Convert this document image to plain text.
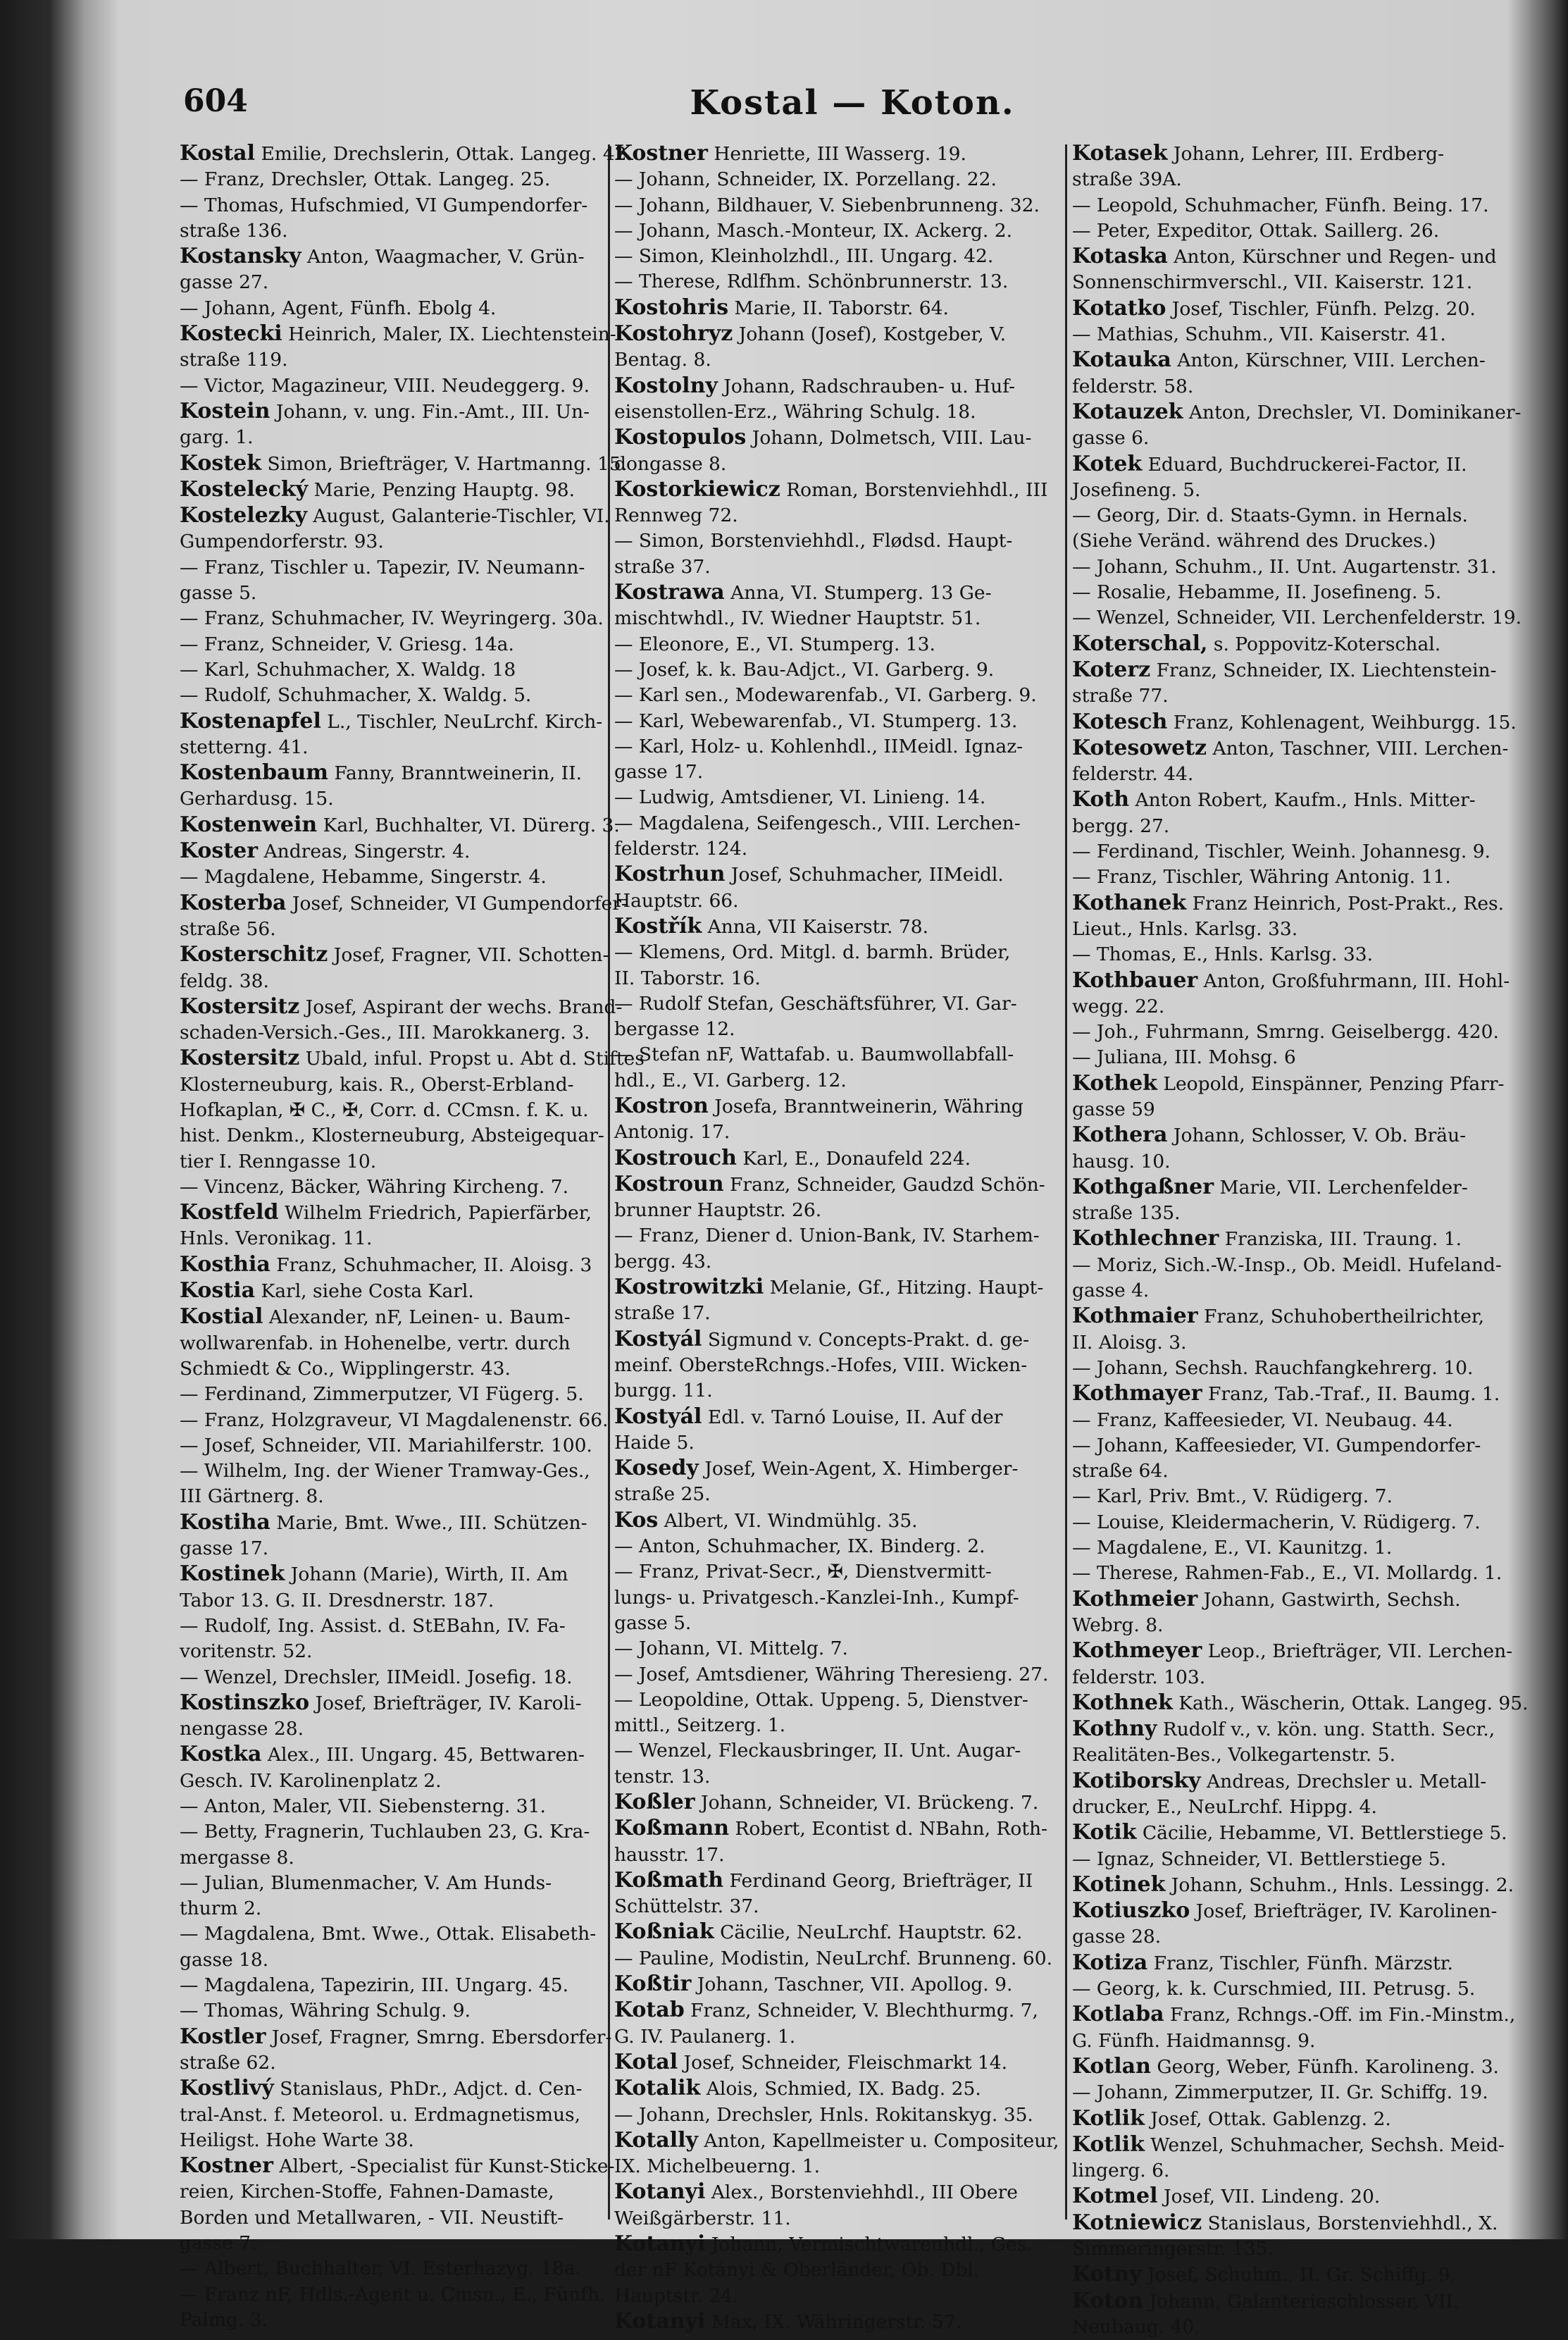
604	Kostal — Koton.
Kostal Emilie, Drechslerin, Ottak. Langeg. 42.
— Franz, Drechsler, Ottak. Langeg. 25.
— Thomas, Hufschmied, VI Gumpendorfer-
straße 136.
Kostansky Anton, Waagmacher, V. Grün-
gasse 27.
— Johann, Agent, Fünfh. Ebolg 4.
Kostecki Heinrich, Maler, IX. Liechtenstein-
straße 119.
— Victor, Magazineur, VIII. Neudeggerg. 9.
Kostein Johann, v. ung. Fin.-Amt., III. Un-
garg. 1.
Kostek Simon, Briefträger, V. Hartmanng. 15.
Kostelecký Marie, Penzing Hauptg. 98.
Kostelezky August, Galanterie-Tischler, VI.
Gumpendorferstr. 93.
— Franz, Tischler u. Tapezir, IV. Neumann-
gasse 5.
— Franz, Schuhmacher, IV. Weyringerg. 30a.
— Franz, Schneider, V. Griesg. 14a.
— Karl, Schuhmacher, X. Waldg. 18
— Rudolf, Schuhmacher, X. Waldg. 5.
Kostenapfel L., Tischler, NeuLrchf. Kirch-
stetterng. 41.
Kostenbaum Fanny, Branntweinerin, II.
Gerhardusg. 15.
Kostenwein Karl, Buchhalter, VI. Dürerg. 3.
Koster Andreas, Singerstr. 4.
— Magdalene, Hebamme, Singerstr. 4.
Kosterba Josef, Schneider, VI Gumpendorfer-
straße 56.
Kosterschitz Josef, Fragner, VII. Schotten-
feldg. 38.
Kostersitz Josef, Aspirant der wechs. Brand-
schaden-Versich.-Ges., III. Marokkanerg. 3.
Kostersitz Ubald, inful. Propst u. Abt d. Stiftes
Klosterneuburg, kais. R., Oberst-Erbland-
Hofkaplan, ✠ C., ✠, Corr. d. CCmsn. f. K. u.
hist. Denkm., Klosterneuburg, Absteigequar-
tier I. Renngasse 10.
— Vincenz, Bäcker, Währing Kircheng. 7.
Kostfeld Wilhelm Friedrich, Papierfärber,
Hnls. Veronikag. 11.
Kosthia Franz, Schuhmacher, II. Aloisg. 3
Kostia Karl, siehe Costa Karl.
Kostial Alexander, nF, Leinen- u. Baum-
wollwarenfab. in Hohenelbe, vertr. durch
Schmiedt & Co., Wipplingerstr. 43.
— Ferdinand, Zimmerputzer, VI Fügerg. 5.
— Franz, Holzgraveur, VI Magdalenenstr. 66.
— Josef, Schneider, VII. Mariahilferstr. 100.
— Wilhelm, Ing. der Wiener Tramway-Ges.,
III Gärtnerg. 8.
Kostiha Marie, Bmt. Wwe., III. Schützen-
gasse 17.
Kostinek Johann (Marie), Wirth, II. Am
Tabor 13. G. II. Dresdnerstr. 187.
— Rudolf, Ing. Assist. d. StEBahn, IV. Fa-
voritenstr. 52.
— Wenzel, Drechsler, IIMeidl. Josefig. 18.
Kostinszko Josef, Briefträger, IV. Karoli-
nengasse 28.
Kostka Alex., III. Ungarg. 45, Bettwaren-
Gesch. IV. Karolinenplatz 2.
— Anton, Maler, VII. Siebensterng. 31.
— Betty, Fragnerin, Tuchlauben 23, G. Kra-
mergasse 8.
— Julian, Blumenmacher, V. Am Hunds-
thurm 2.
— Magdalena, Bmt. Wwe., Ottak. Elisabeth-
gasse 18.
— Magdalena, Tapezirin, III. Ungarg. 45.
— Thomas, Währing Schulg. 9.
Kostler Josef, Fragner, Smrng. Ebersdorfer-
straße 62.
Kostlivý Stanislaus, PhDr., Adjct. d. Cen-
tral-Anst. f. Meteorol. u. Erdmagnetismus,
Heiligst. Hohe Warte 38.
Kostner Albert, -Specialist für Kunst-Sticke-
reien, Kirchen-Stoffe, Fahnen-Damaste,
Borden und Metallwaren, - VII. Neustift-
gasse 7.
— Albert, Buchhalter, VI. Esterhazyg. 18a.
— Franz nF, Hdls.-Agent u. Cmsn., E., Fünfh.
Palmg. 3.
Kostner Henriette, III Wasserg. 19.
— Johann, Schneider, IX. Porzellang. 22.
— Johann, Bildhauer, V. Siebenbrunneng. 32.
— Johann, Masch.-Monteur, IX. Ackerg. 2.
— Simon, Kleinholzhdl., III. Ungarg. 42.
— Therese, Rdlfhm. Schönbrunnerstr. 13.
Kostohris Marie, II. Taborstr. 64.
Kostohryz Johann (Josef), Kostgeber, V.
Bentag. 8.
Kostolny Johann, Radschrauben- u. Huf-
eisenstollen-Erz., Währing Schulg. 18.
Kostopulos Johann, Dolmetsch, VIII. Lau-
dongasse 8.
Kostorkiewicz Roman, Borstenviehhdl., III
Rennweg 72.
— Simon, Borstenviehhdl., Flødsd. Haupt-
straße 37.
Kostrawa Anna, VI. Stumperg. 13 Ge-
mischtwhdl., IV. Wiedner Hauptstr. 51.
— Eleonore, E., VI. Stumperg. 13.
— Josef, k. k. Bau-Adjct., VI. Garberg. 9.
— Karl sen., Modewarenfab., VI. Garberg. 9.
— Karl, Webewarenfab., VI. Stumperg. 13.
— Karl, Holz- u. Kohlenhdl., IIMeidl. Ignaz-
gasse 17.
— Ludwig, Amtsdiener, VI. Linieng. 14.
— Magdalena, Seifengesch., VIII. Lerchen-
felderstr. 124.
Kostrhun Josef, Schuhmacher, IIMeidl.
Hauptstr. 66.
Kostřík Anna, VII Kaiserstr. 78.
— Klemens, Ord. Mitgl. d. barmh. Brüder,
II. Taborstr. 16.
— Rudolf Stefan, Geschäftsführer, VI. Gar-
bergasse 12.
— Stefan nF, Wattafab. u. Baumwollabfall-
hdl., E., VI. Garberg. 12.
Kostron Josefa, Branntweinerin, Währing
Antonig. 17.
Kostrouch Karl, E., Donaufeld 224.
Kostroun Franz, Schneider, Gaudzd Schön-
brunner Hauptstr. 26.
— Franz, Diener d. Union-Bank, IV. Starhem-
bergg. 43.
Kostrowitzki Melanie, Gf., Hitzing. Haupt-
straße 17.
Kostyál Sigmund v. Concepts-Prakt. d. ge-
meinf. ObersteRchngs.-Hofes, VIII. Wicken-
burgg. 11.
Kostyál Edl. v. Tarnó Louise, II. Auf der
Haide 5.
Kosedy Josef, Wein-Agent, X. Himberger-
straße 25.
Kos Albert, VI. Windmühlg. 35.
— Anton, Schuhmacher, IX. Binderg. 2.
— Franz, Privat-Secr., ✠, Dienstvermitt-
lungs- u. Privatgesch.-Kanzlei-Inh., Kumpf-
gasse 5.
— Johann, VI. Mittelg. 7.
— Josef, Amtsdiener, Währing Theresieng. 27.
— Leopoldine, Ottak. Uppeng. 5, Dienstver-
mittl., Seitzerg. 1.
— Wenzel, Fleckausbringer, II. Unt. Augar-
tenstr. 13.
Koßler Johann, Schneider, VI. Brückeng. 7.
Koßmann Robert, Econtist d. NBahn, Roth-
hausstr. 17.
Koßmath Ferdinand Georg, Briefträger, II
Schüttelstr. 37.
Koßniak Cäcilie, NeuLrchf. Hauptstr. 62.
— Pauline, Modistin, NeuLrchf. Brunneng. 60.
Koßtir Johann, Taschner, VII. Apollog. 9.
Kotab Franz, Schneider, V. Blechthurmg. 7,
G. IV. Paulanerg. 1.
Kotal Josef, Schneider, Fleischmarkt 14.
Kotalik Alois, Schmied, IX. Badg. 25.
— Johann, Drechsler, Hnls. Rokitanskyg. 35.
Kotally Anton, Kapellmeister u. Compositeur,
IX. Michelbeuerng. 1.
Kotanyi Alex., Borstenviehhdl., III Obere
Weißgärberstr. 11.
Kotanyi Johann, Vermischtwarenhdl., Ges.
der nF Kotányi & Oberländer, Ob. Dbl.
Hauptstr. 24.
Kotanyi Max, IX. Währingerstr. 57.
Kotasek Johann, Lehrer, III. Erdberg-
straße 39A.
— Leopold, Schuhmacher, Fünfh. Being. 17.
— Peter, Expeditor, Ottak. Saillerg. 26.
Kotaska Anton, Kürschner und Regen- und
Sonnenschirmverschl., VII. Kaiserstr. 121.
Kotatko Josef, Tischler, Fünfh. Pelzg. 20.
— Mathias, Schuhm., VII. Kaiserstr. 41.
Kotauka Anton, Kürschner, VIII. Lerchen-
felderstr. 58.
Kotauzek Anton, Drechsler, VI. Dominikaner-
gasse 6.
Kotek Eduard, Buchdruckerei-Factor, II.
Josefineng. 5.
— Georg, Dir. d. Staats-Gymn. in Hernals.
(Siehe Veränd. während des Druckes.)
— Johann, Schuhm., II. Unt. Augartenstr. 31.
— Rosalie, Hebamme, II. Josefineng. 5.
— Wenzel, Schneider, VII. Lerchenfelderstr. 19.
Koterschal, s. Poppovitz-Koterschal.
Koterz Franz, Schneider, IX. Liechtenstein-
straße 77.
Kotesch Franz, Kohlenagent, Weihburgg. 15.
Kotesowetz Anton, Taschner, VIII. Lerchen-
felderstr. 44.
Koth Anton Robert, Kaufm., Hnls. Mitter-
bergg. 27.
— Ferdinand, Tischler, Weinh. Johannesg. 9.
— Franz, Tischler, Währing Antonig. 11.
Kothanek Franz Heinrich, Post-Prakt., Res.
Lieut., Hnls. Karlsg. 33.
— Thomas, E., Hnls. Karlsg. 33.
Kothbauer Anton, Großfuhrmann, III. Hohl-
wegg. 22.
— Joh., Fuhrmann, Smrng. Geiselbergg. 420.
— Juliana, III. Mohsg. 6
Kothek Leopold, Einspänner, Penzing Pfarr-
gasse 59
Kothera Johann, Schlosser, V. Ob. Bräu-
hausg. 10.
Kothgaßner Marie, VII. Lerchenfelder-
straße 135.
Kothlechner Franziska, III. Traung. 1.
— Moriz, Sich.-W.-Insp., Ob. Meidl. Hufeland-
gasse 4.
Kothmaier Franz, Schuhobertheilrichter,
II. Aloisg. 3.
— Johann, Sechsh. Rauchfangkehrerg. 10.
Kothmayer Franz, Tab.-Traf., II. Baumg. 1.
— Franz, Kaffeesieder, VI. Neubaug. 44.
— Johann, Kaffeesieder, VI. Gumpendorfer-
straße 64.
— Karl, Priv. Bmt., V. Rüdigerg. 7.
— Louise, Kleidermacherin, V. Rüdigerg. 7.
— Magdalene, E., VI. Kaunitzg. 1.
— Therese, Rahmen-Fab., E., VI. Mollardg. 1.
Kothmeier Johann, Gastwirth, Sechsh.
Webrg. 8.
Kothmeyer Leop., Briefträger, VII. Lerchen-
felderstr. 103.
Kothnek Kath., Wäscherin, Ottak. Langeg. 95.
Kothny Rudolf v., v. kön. ung. Statth. Secr.,
Realitäten-Bes., Volkegartenstr. 5.
Kotiborsky Andreas, Drechsler u. Metall-
drucker, E., NeuLrchf. Hippg. 4.
Kotik Cäcilie, Hebamme, VI. Bettlerstiege 5.
— Ignaz, Schneider, VI. Bettlerstiege 5.
Kotinek Johann, Schuhm., Hnls. Lessingg. 2.
Kotiuszko Josef, Briefträger, IV. Karolinen-
gasse 28.
Kotiza Franz, Tischler, Fünfh. Märzstr.
— Georg, k. k. Curschmied, III. Petrusg. 5.
Kotlaba Franz, Rchngs.-Off. im Fin.-Minstm.,
G. Fünfh. Haidmannsg. 9.
Kotlan Georg, Weber, Fünfh. Karolineng. 3.
— Johann, Zimmerputzer, II. Gr. Schiffg. 19.
Kotlik Josef, Ottak. Gablenzg. 2.
Kotlik Wenzel, Schuhmacher, Sechsh. Meid-
lingerg. 6.
Kotmel Josef, VII. Lindeng. 20.
Kotniewicz Stanislaus, Borstenviehhdl., X.
Simmeringerstr. 135.
Kotny Josef, Schuhm., II. Gr. Schiffg. 9.
Koton Johann, Galanterieschlosser, VII.
Neubaug. 40.
